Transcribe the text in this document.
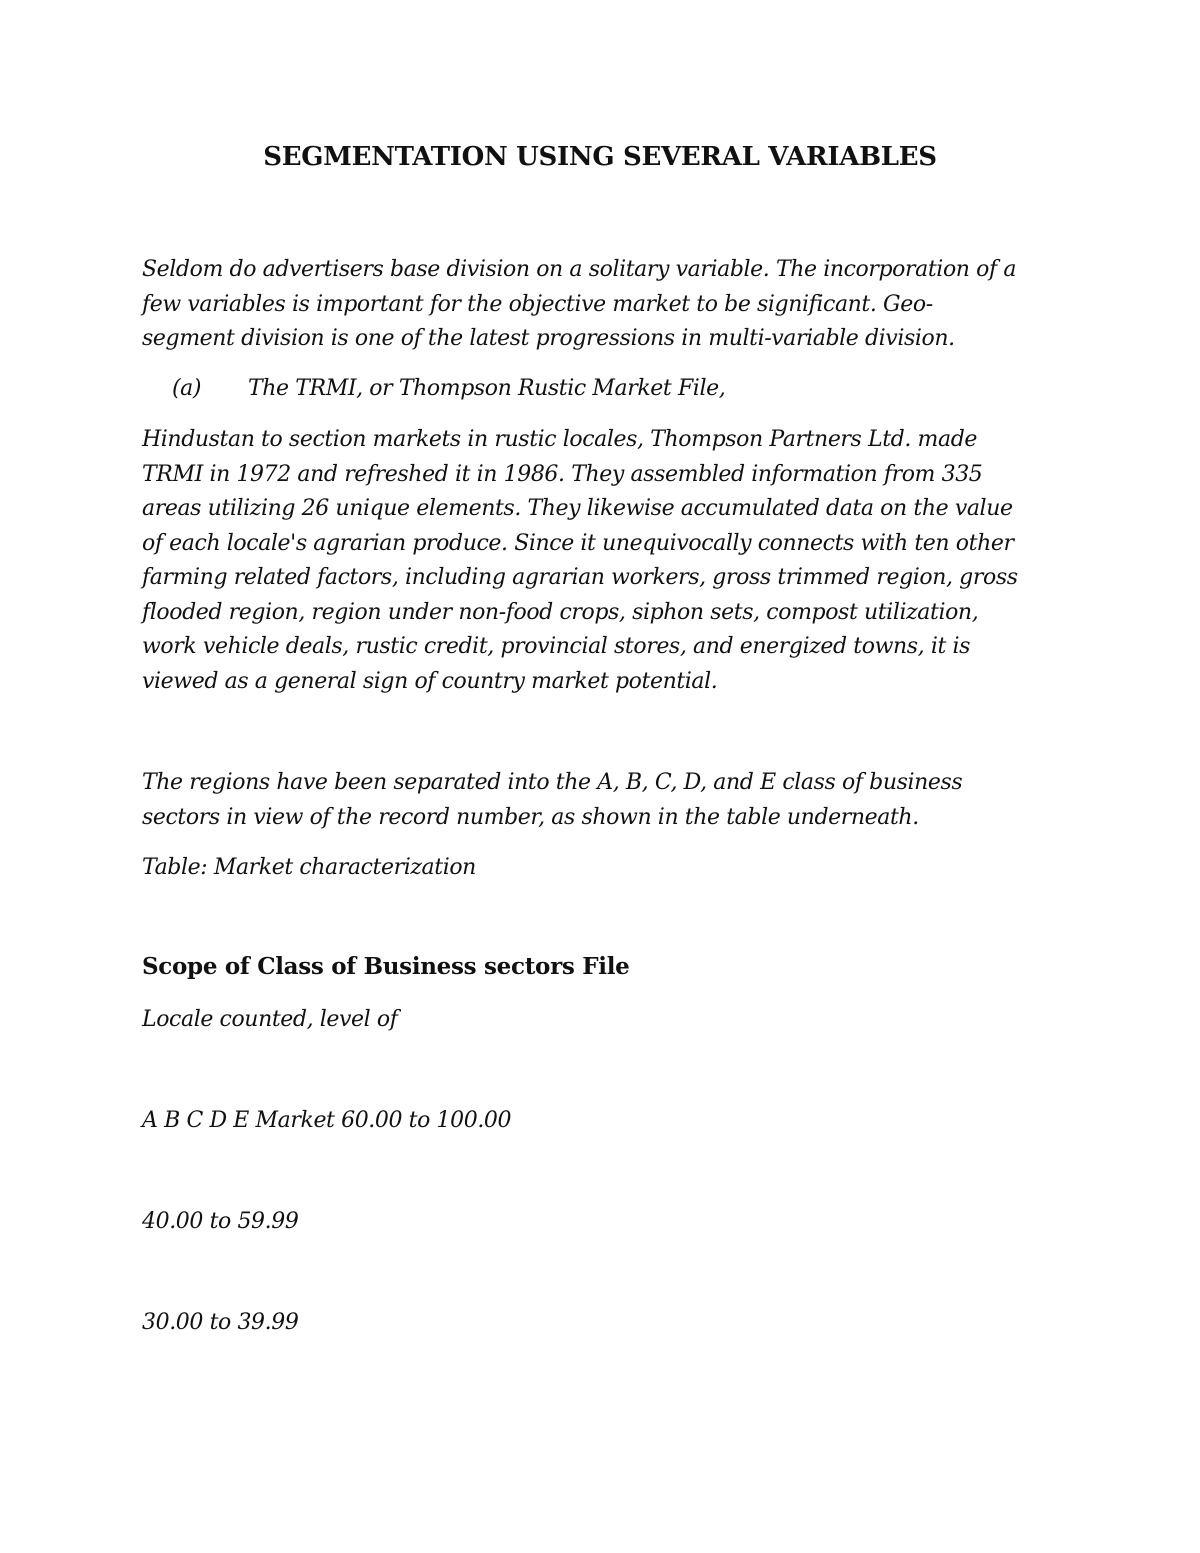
SEGMENTATION USING SEVERAL VARIABLES
Seldom do advertisers base division on a solitary variable. The incorporation of a
few variables is important for the objective market to be significant. Geo-
segment division is one of the latest progressions in multi-variable division.
(a) The TRMI, or Thompson Rustic Market File,
Hindustan to section markets in rustic locales, Thompson Partners Ltd. made
TRMI in 1972 and refreshed it in 1986. They assembled information from 335
areas utilizing 26 unique elements. They likewise accumulated data on the value
of each locale's agrarian produce. Since it unequivocally connects with ten other
farming related factors, including agrarian workers, gross trimmed region, gross
flooded region, region under non-food crops, siphon sets, compost utilization,
work vehicle deals, rustic credit, provincial stores, and energized towns, it is
viewed as a general sign of country market potential.
The regions have been separated into the A, B, C, D, and E class of business
sectors in view of the record number, as shown in the table underneath.
Table: Market characterization
Scope of Class of Business sectors File
Locale counted, level of
A B C D E Market 60.00 to 100.00
40.00 to 59.99
30.00 to 39.99
